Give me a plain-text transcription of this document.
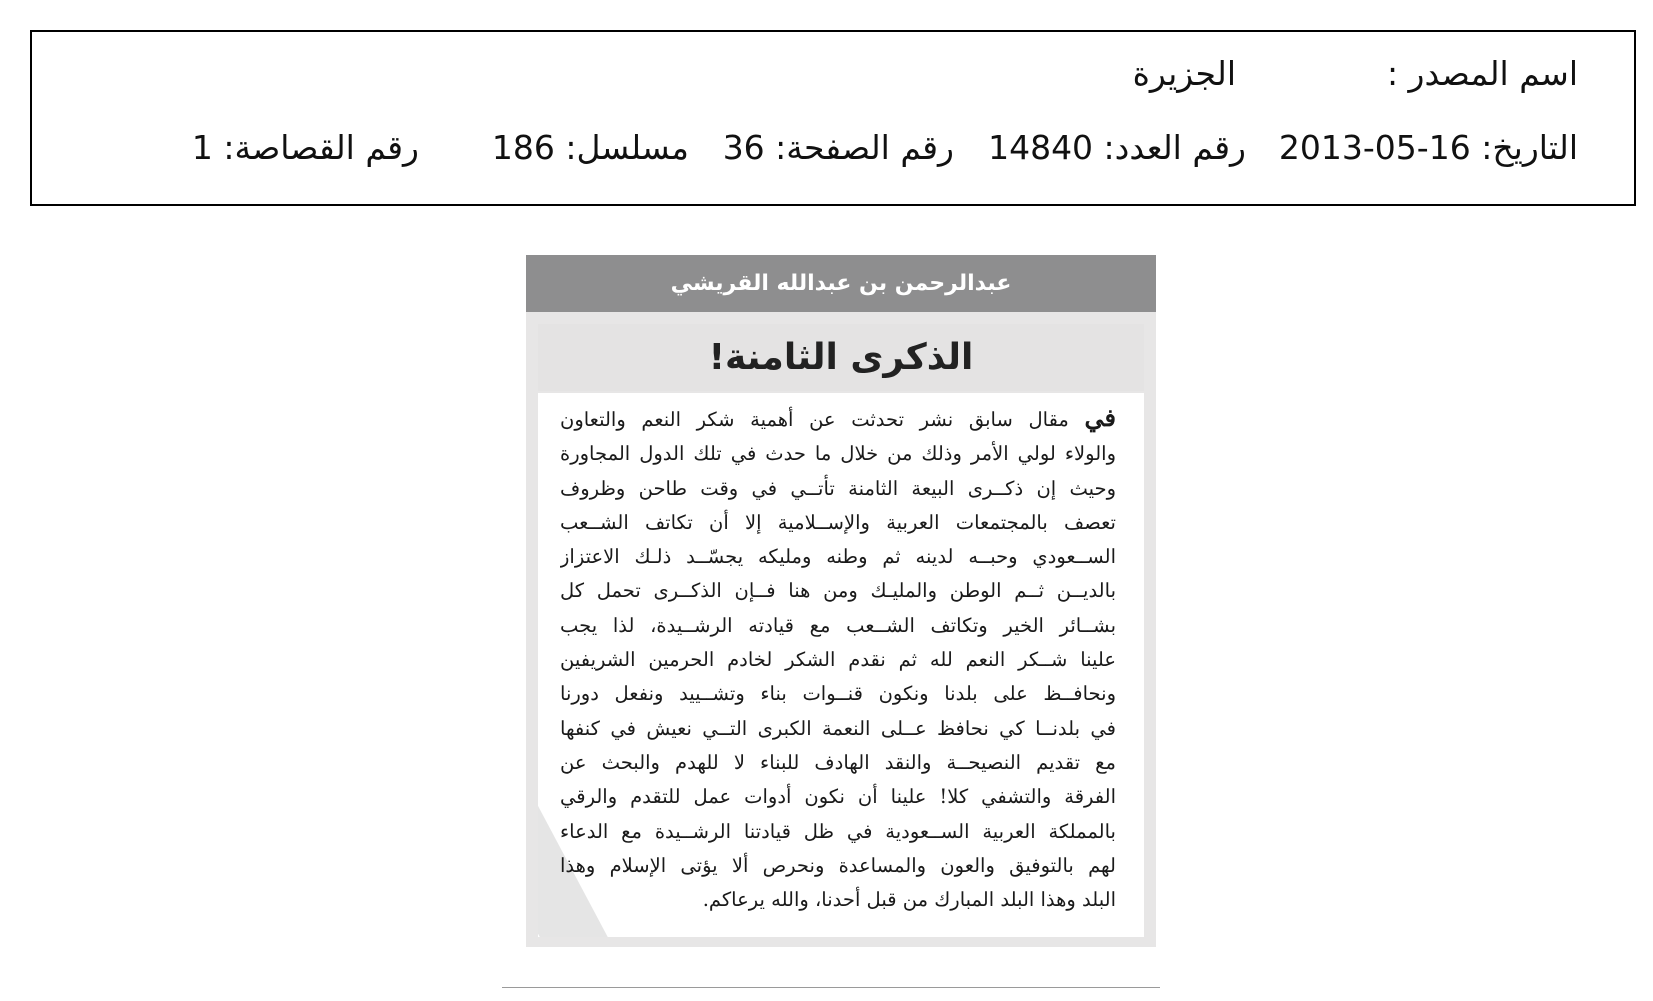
اسم المصدر :
الجزيرة
التاريخ: 16-05-2013
رقم العدد: 14840
رقم الصفحة: 36
مسلسل: 186
رقم القصاصة: 1
عبدالرحمن بن عبدالله القريشي
الذكرى الثامنة!
في مقال سابق نشر تحدثت عن أهمية شكر النعم والتعاون
والولاء لولي الأمر وذلك من خلال ما حدث في تلك الدول المجاورة
وحيث إن ذكــرى البيعة الثامنة تأتــي في وقت طاحن وظروف
تعصف بالمجتمعات العربية والإســلامية إلا أن تكاتف الشــعب
الســعودي وحبــه لدينه ثم وطنه ومليكه يجسّــد ذلـك الاعتزاز
بالديــن ثــم الوطن والمليـك ومن هنا فــإن الذكــرى تحمل كل
بشــائر الخير وتكاتف الشــعب مع قيادته الرشــيدة، لذا يجب
علينا شــكر النعم لله ثم نقدم الشكر لخادم الحرمين الشريفين
ونحافــظ على بلدنا ونكون قنــوات بناء وتشــييد ونفعل دورنا
في بلدنــا كي نحافظ عــلى النعمة الكبرى التــي نعيش في كنفها
مع تقديم النصيحــة والنقد الهادف للبناء لا للهدم والبحث عن
الفرقة والتشفي كلا! علينا أن نكون أدوات عمل للتقدم والرقي
بالمملكة العربية الســعودية في ظل قيادتنا الرشــيدة مع الدعاء
لهم بالتوفيق والعون والمساعدة ونحرص ألا يؤتى الإسلام وهذا
البلد وهذا البلد المبارك من قبل أحدنا، والله يرعاكم.
